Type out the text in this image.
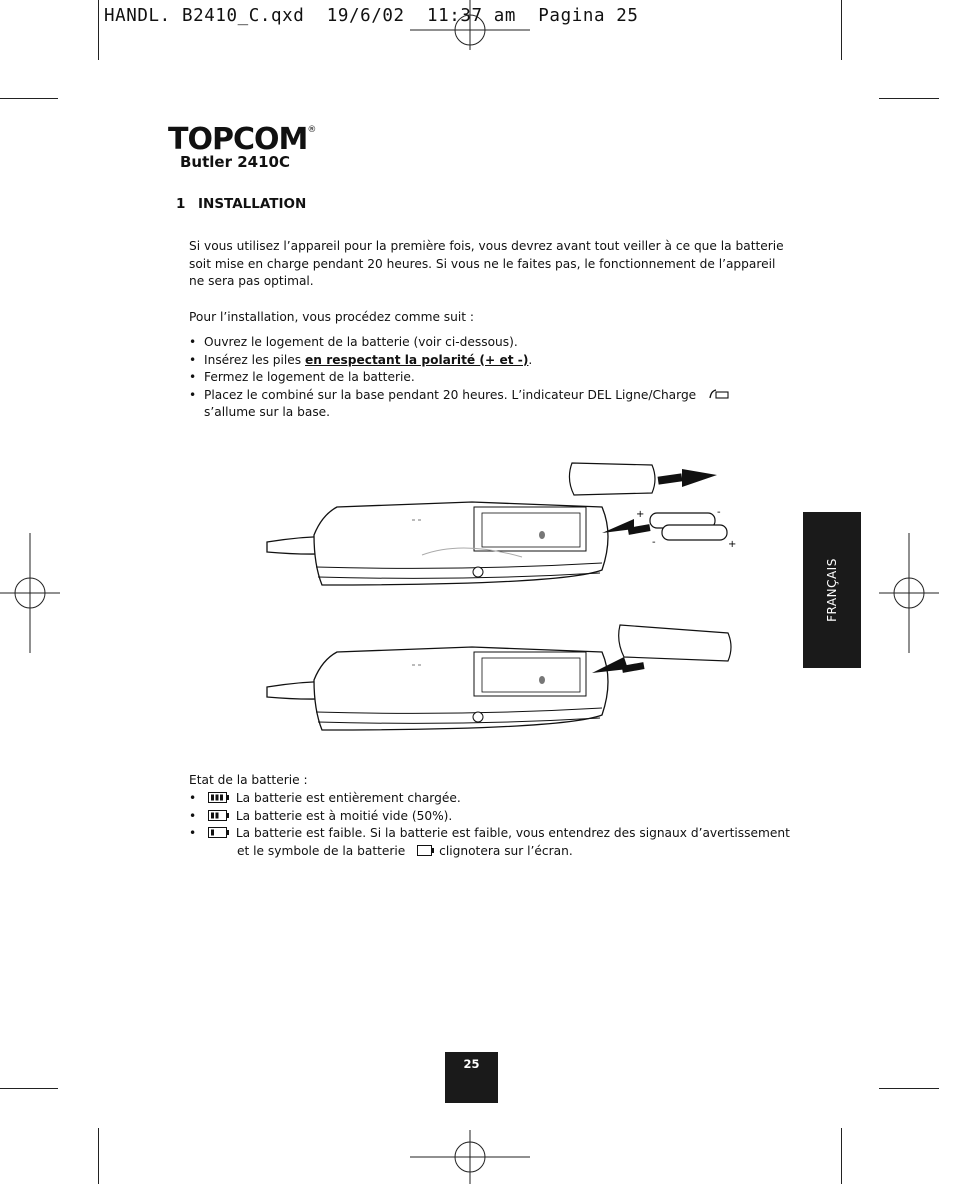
HANDL. B2410_C.qxd  19/6/02  11:37 am  Pagina 25
TOPCOM®
Butler 2410C
1 INSTALLATION
Si vous utilisez l’appareil pour la première fois, vous devrez avant tout veiller à ce que la batterie
soit mise en charge pendant 20 heures. Si vous ne le faites pas, le fonctionnement de l’appareil
ne sera pas optimal.
Pour l’installation, vous procédez comme suit :
• Ouvrez le logement de la batterie (voir ci-dessous).
• Insérez les piles en respectant la polarité (+ et -).
• Fermez le logement de la batterie.
• Placez le combiné sur la base pendant 20 heures. L’indicateur DEL Ligne/Charge
s’allume sur la base.
+	-
-	+
Etat de la batterie :
•	La batterie est entièrement chargée.
•	La batterie est à moitié vide (50%).
•	La batterie est faible. Si la batterie est faible, vous entendrez des signaux d’avertissement
et le symbole de la batterie	clignotera sur l’écran.
FRANÇAIS
25
